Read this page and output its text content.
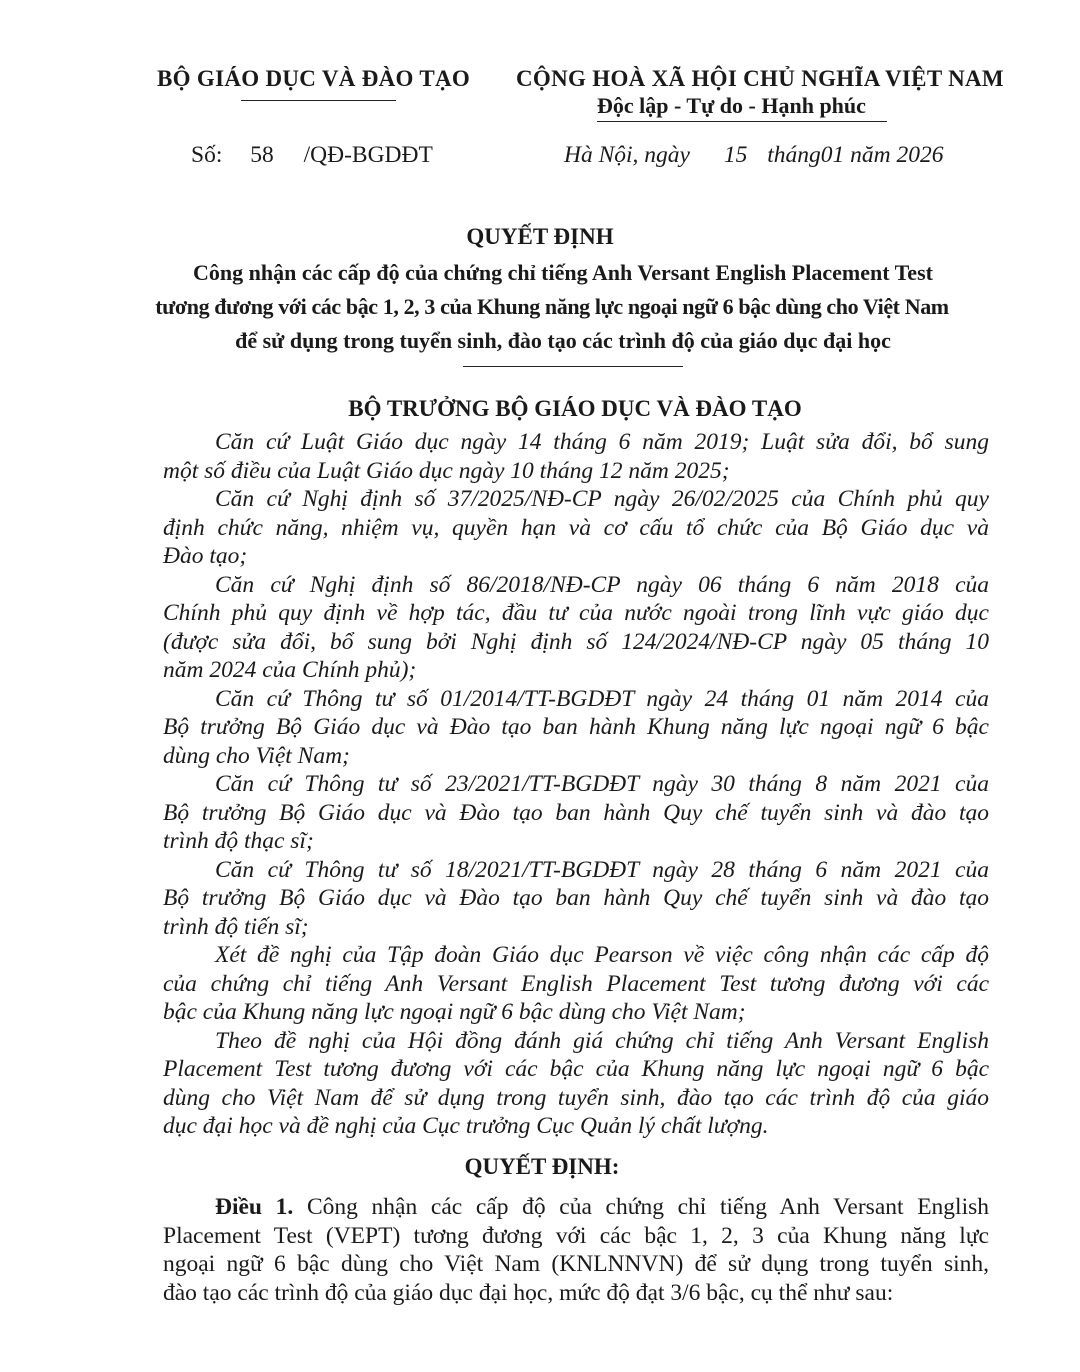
BỘ GIÁO DỤC VÀ ĐÀO TẠO CỘNG HOÀ XÃ HỘI CHỦ NGHĨA VIỆT NAM
Độc lập - Tự do - Hạnh phúc
Số: 58 /QĐ-BGDĐT	Hà Nội, ngày 15 tháng01 năm 2026
QUYẾT ĐỊNH
Công nhận các cấp độ của chứng chỉ tiếng Anh Versant English Placement Test
tương đương với các bậc 1, 2, 3 của Khung năng lực ngoại ngữ 6 bậc dùng cho Việt Nam
để sử dụng trong tuyển sinh, đào tạo các trình độ của giáo dục đại học
BỘ TRƯỞNG BỘ GIÁO DỤC VÀ ĐÀO TẠO
Căn cứ Luật Giáo dục ngày 14 tháng 6 năm 2019; Luật sửa đổi, bổ sung
một số điều của Luật Giáo dục ngày 10 tháng 12 năm 2025;
Căn cứ Nghị định số 37/2025/NĐ-CP ngày 26/02/2025 của Chính phủ quy
định chức năng, nhiệm vụ, quyền hạn và cơ cấu tổ chức của Bộ Giáo dục và
Đào tạo;
Căn cứ Nghị định số 86/2018/NĐ-CP ngày 06 tháng 6 năm 2018 của
Chính phủ quy định về hợp tác, đầu tư của nước ngoài trong lĩnh vực giáo dục
(được sửa đổi, bổ sung bởi Nghị định số 124/2024/NĐ-CP ngày 05 tháng 10
năm 2024 của Chính phủ);
Căn cứ Thông tư số 01/2014/TT-BGDĐT ngày 24 tháng 01 năm 2014 của
Bộ trưởng Bộ Giáo dục và Đào tạo ban hành Khung năng lực ngoại ngữ 6 bậc
dùng cho Việt Nam;
Căn cứ Thông tư số 23/2021/TT-BGDĐT ngày 30 tháng 8 năm 2021 của
Bộ trưởng Bộ Giáo dục và Đào tạo ban hành Quy chế tuyển sinh và đào tạo
trình độ thạc sĩ;
Căn cứ Thông tư số 18/2021/TT-BGDĐT ngày 28 tháng 6 năm 2021 của
Bộ trưởng Bộ Giáo dục và Đào tạo ban hành Quy chế tuyển sinh và đào tạo
trình độ tiến sĩ;
Xét đề nghị của Tập đoàn Giáo dục Pearson về việc công nhận các cấp độ
của chứng chỉ tiếng Anh Versant English Placement Test tương đương với các
bậc của Khung năng lực ngoại ngữ 6 bậc dùng cho Việt Nam;
Theo đề nghị của Hội đồng đánh giá chứng chỉ tiếng Anh Versant English
Placement Test tương đương với các bậc của Khung năng lực ngoại ngữ 6 bậc
dùng cho Việt Nam để sử dụng trong tuyển sinh, đào tạo các trình độ của giáo
dục đại học và đề nghị của Cục trưởng Cục Quản lý chất lượng.
QUYẾT ĐỊNH:
Điều 1. Công nhận các cấp độ của chứng chỉ tiếng Anh Versant English
Placement Test (VEPT) tương đương với các bậc 1, 2, 3 của Khung năng lực
ngoại ngữ 6 bậc dùng cho Việt Nam (KNLNNVN) để sử dụng trong tuyển sinh,
đào tạo các trình độ của giáo dục đại học, mức độ đạt 3/6 bậc, cụ thể như sau:
